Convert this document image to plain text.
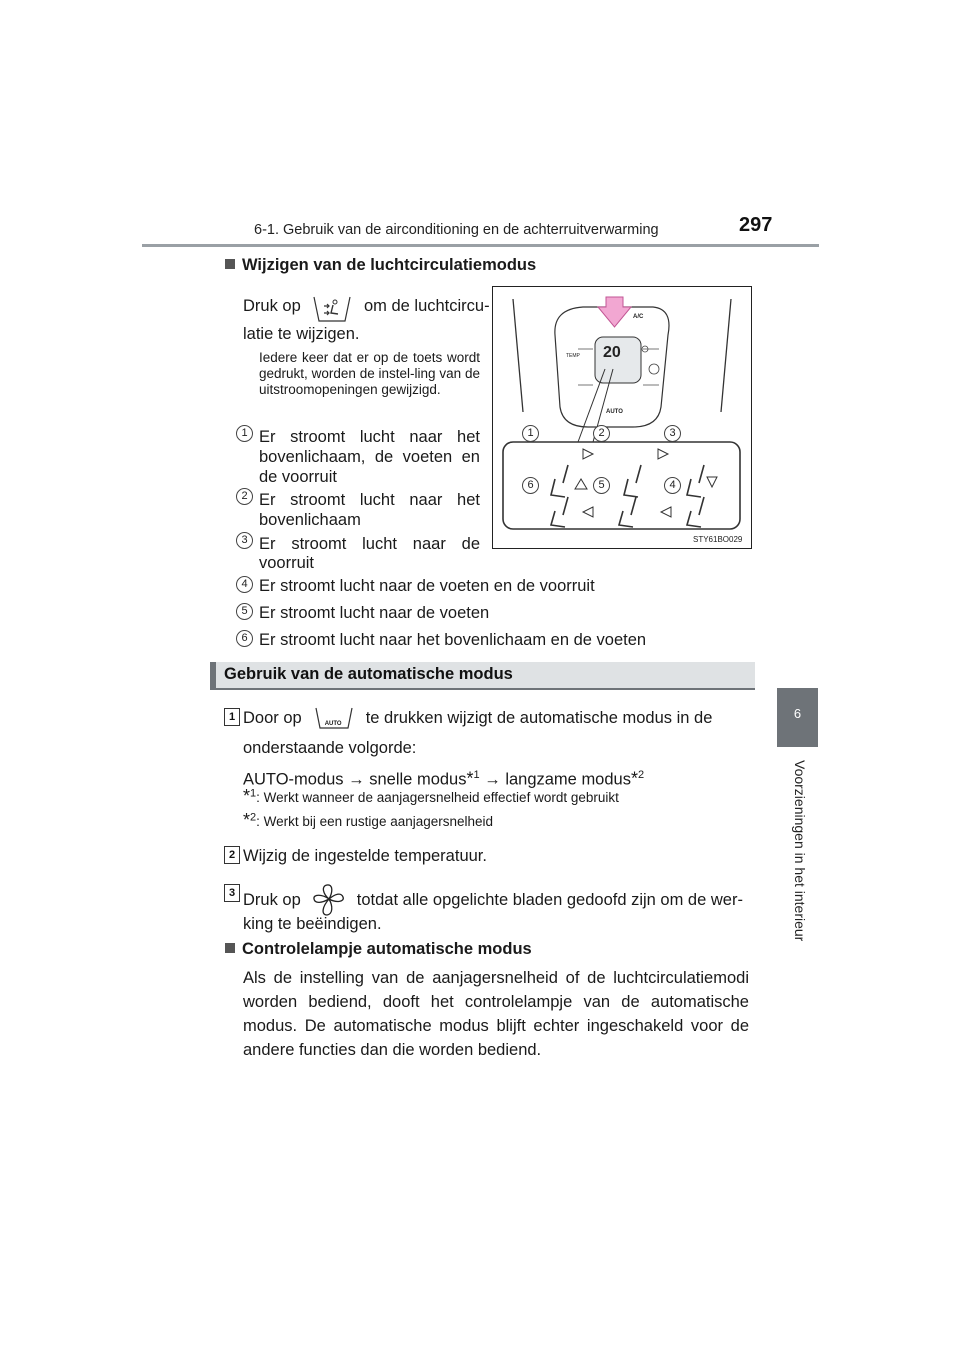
6-1. Gebruik van de airconditioning en de achterruitverwarming	297
6
Voorzieningen in het interieur
Wijzigen van de luchtcirculatiemodus
Druk op	om de luchtcircu-
latie te wijzigen.
Iedere keer dat er op de toets wordt gedrukt, worden de instel-ling van de uitstroomopeningen gewijzigd.
1 Er stroomt lucht naar het
bovenlichaam, de voeten en
de voorruit
2 Er stroomt lucht naar het
bovenlichaam
3 Er stroomt lucht naar de
voorruit
4 Er stroomt lucht naar de voeten en de voorruit
5 Er stroomt lucht naar de voeten
6 Er stroomt lucht naar het bovenlichaam en de voeten
20
AUTO
A/C
TEMP
1	2	3
4
5
6
STY61BO029
Gebruik van de automatische modus
1 Door op	AUTO te drukken wijzigt de automatische modus in de
onderstaande volgorde:
AUTO-modus → snelle modus*$^1$ → langzame modus*$^2$
*$^1$: Werkt wanneer de aanjagersnelheid effectief wordt gebruikt
*$^2$: Werkt bij een rustige aanjagersnelheid
2 Wijzig de ingestelde temperatuur.
3 Druk op	totdat alle opgelichte bladen gedoofd zijn om de wer-
king te beëindigen.
Controlelampje automatische modus
Als de instelling van de aanjagersnelheid of de luchtcirculatiemodi
worden bediend, dooft het controlelampje van de automatische
modus. De automatische modus blijft echter ingeschakeld voor de
andere functies dan die worden bediend.
